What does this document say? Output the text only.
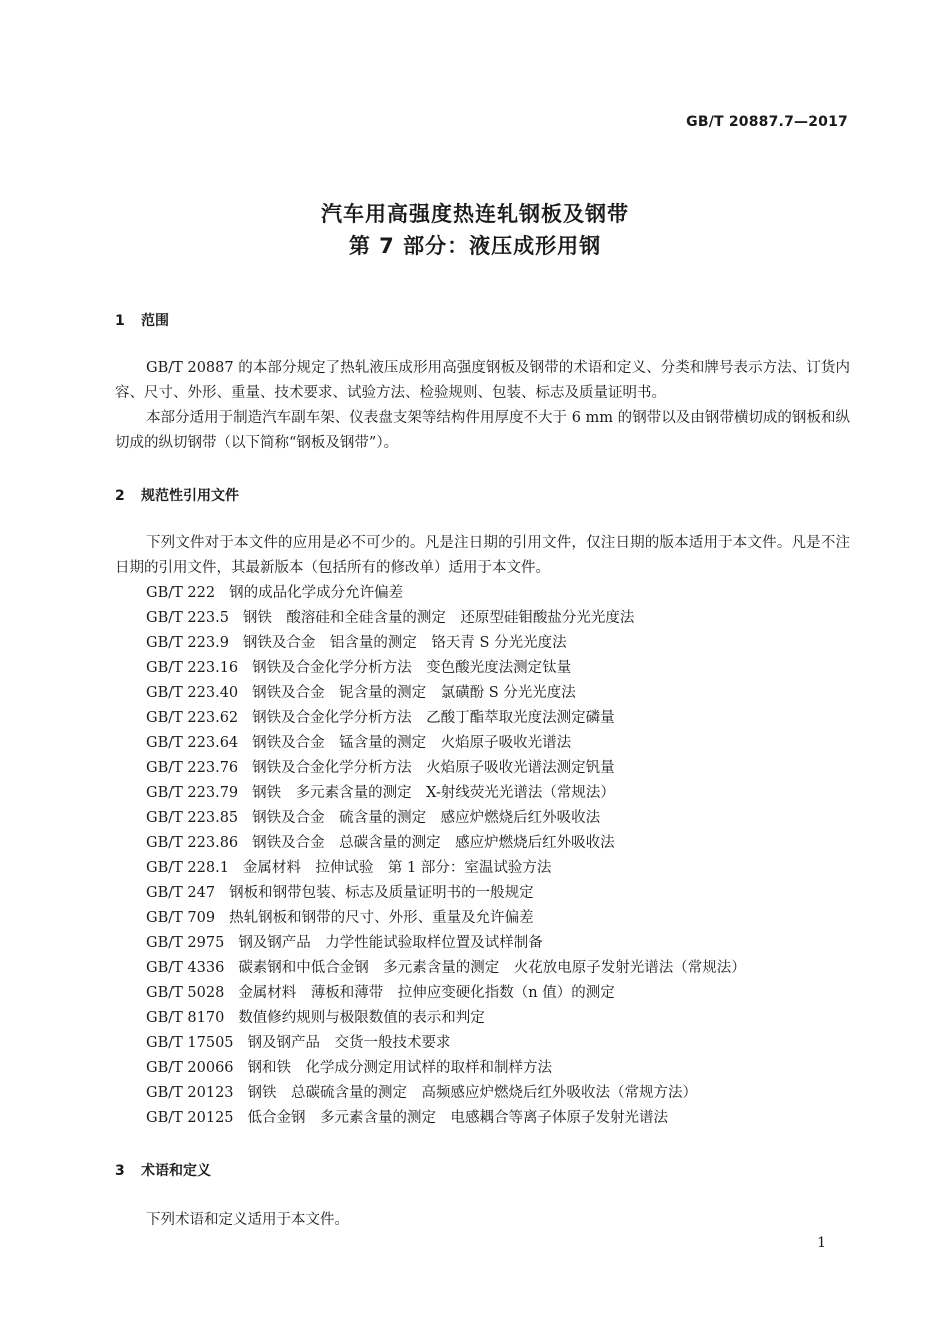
GB/T 20887.7—2017
汽车用高强度热连轧钢板及钢带
第 7 部分：液压成形用钢
1 范围
GB/T 20887 的本部分规定了热轧液压成形用高强度钢板及钢带的术语和定义、分类和牌号表示方法、订货内容、尺寸、外形、重量、技术要求、试验方法、检验规则、包装、标志及质量证明书。
本部分适用于制造汽车副车架、仪表盘支架等结构件用厚度不大于 6 mm 的钢带以及由钢带横切成的钢板和纵切成的纵切钢带（以下简称“钢板及钢带”）。
2 规范性引用文件
下列文件对于本文件的应用是必不可少的。凡是注日期的引用文件，仅注日期的版本适用于本文件。凡是不注日期的引用文件，其最新版本（包括所有的修改单）适用于本文件。
GB/T 222 钢的成品化学成分允许偏差
GB/T 223.5 钢铁　酸溶硅和全硅含量的测定　还原型硅钼酸盐分光光度法
GB/T 223.9 钢铁及合金　铝含量的测定　铬天青 S 分光光度法
GB/T 223.16 钢铁及合金化学分析方法　变色酸光度法测定钛量
GB/T 223.40 钢铁及合金　铌含量的测定　氯磺酚 S 分光光度法
GB/T 223.62 钢铁及合金化学分析方法　乙酸丁酯萃取光度法测定磷量
GB/T 223.64 钢铁及合金　锰含量的测定　火焰原子吸收光谱法
GB/T 223.76 钢铁及合金化学分析方法　火焰原子吸收光谱法测定钒量
GB/T 223.79 钢铁　多元素含量的测定　X-射线荧光光谱法（常规法）
GB/T 223.85 钢铁及合金　硫含量的测定　感应炉燃烧后红外吸收法
GB/T 223.86 钢铁及合金　总碳含量的测定　感应炉燃烧后红外吸收法
GB/T 228.1 金属材料　拉伸试验　第 1 部分：室温试验方法
GB/T 247 钢板和钢带包装、标志及质量证明书的一般规定
GB/T 709 热轧钢板和钢带的尺寸、外形、重量及允许偏差
GB/T 2975 钢及钢产品　力学性能试验取样位置及试样制备
GB/T 4336 碳素钢和中低合金钢　多元素含量的测定　火花放电原子发射光谱法（常规法）
GB/T 5028 金属材料　薄板和薄带　拉伸应变硬化指数（n 值）的测定
GB/T 8170 数值修约规则与极限数值的表示和判定
GB/T 17505 钢及钢产品　交货一般技术要求
GB/T 20066 钢和铁　化学成分测定用试样的取样和制样方法
GB/T 20123 钢铁　总碳硫含量的测定　高频感应炉燃烧后红外吸收法（常规方法）
GB/T 20125 低合金钢　多元素含量的测定　电感耦合等离子体原子发射光谱法
3 术语和定义
下列术语和定义适用于本文件。
1
